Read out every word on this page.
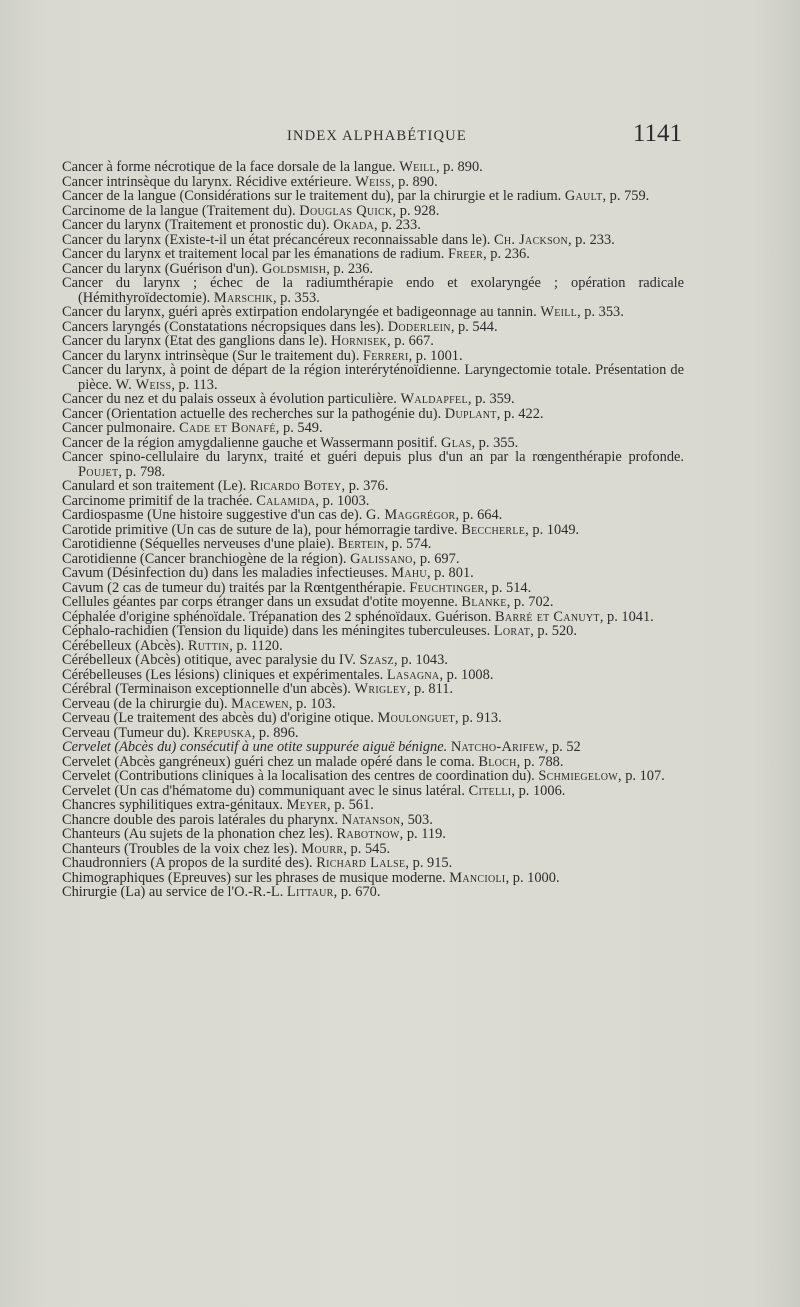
INDEX ALPHABÉTIQUE	1141

Cancer à forme nécrotique de la face dorsale de la langue. Weill, p. 890.

Cancer intrinsèque du larynx. Récidive extérieure. Weiss, p. 890.

Cancer de la langue (Considérations sur le traitement du), par la chirurgie et le radium. Gault, p. 759.

Carcinome de la langue (Traitement du). Douglas Quick, p. 928.

Cancer du larynx (Traitement et pronostic du). Okada, p. 233.

Cancer du larynx (Existe-t-il un état précancéreux reconnaissable dans le). Ch. Jackson, p. 233.

Cancer du larynx et traitement local par les émanations de radium. Freer, p. 236.

Cancer du larynx (Guérison d'un). Goldsmish, p. 236.

Cancer du larynx ; échec de la radiumthérapie endo et exolaryngée ; opération radicale (Hémithyroïdectomie). Marschik, p. 353.

Cancer du larynx, guéri après extirpation endolaryngée et badigeonnage au tannin. Weill, p. 353.

Cancers laryngés (Constatations nécropsiques dans les). Doderlein, p. 544.

Cancer du larynx (Etat des ganglions dans le). Hornisek, p. 667.

Cancer du larynx intrinsèque (Sur le traitement du). Ferreri, p. 1001.

Cancer du larynx, à point de départ de la région interéryténoïdienne. Laryngectomie totale. Présentation de pièce. W. Weiss, p. 113.

Cancer du nez et du palais osseux à évolution particulière. Waldapfel, p. 359.

Cancer (Orientation actuelle des recherches sur la pathogénie du). Duplant, p. 422.

Cancer pulmonaire. Cade et Bonafé, p. 549.

Cancer de la région amygdalienne gauche et Wassermann positif. Glas, p. 355.

Cancer spino-cellulaire du larynx, traité et guéri depuis plus d'un an par la rœngenthérapie profonde. Poujet, p. 798.

Canulard et son traitement (Le). Ricardo Botey, p. 376.

Carcinome primitif de la trachée. Calamida, p. 1003.

Cardiospasme (Une histoire suggestive d'un cas de). G. Maggrégor, p. 664.

Carotide primitive (Un cas de suture de la), pour hémorragie tardive. Beccherle, p. 1049.

Carotidienne (Séquelles nerveuses d'une plaie). Bertein, p. 574.

Carotidienne (Cancer branchiogène de la région). Galissano, p. 697.

Cavum (Désinfection du) dans les maladies infectieuses. Mahu, p. 801.

Cavum (2 cas de tumeur du) traités par la Rœntgenthérapie. Feuchtinger, p. 514.

Cellules géantes par corps étranger dans un exsudat d'otite moyenne. Blanke, p. 702.

Céphalée d'origine sphénoïdale. Trépanation des 2 sphénoïdaux. Guérison. Barré et Canuyt, p. 1041.

Céphalo-rachidien (Tension du liquide) dans les méningites tuberculeuses. Lorat, p. 520.

Cérébelleux (Abcès). Ruttin, p. 1120.

Cérébelleux (Abcès) otitique, avec paralysie du IV. Szasz, p. 1043.

Cérébelleuses (Les lésions) cliniques et expérimentales. Lasagna, p. 1008.

Cérébral (Terminaison exceptionnelle d'un abcès). Wrigley, p. 811.

Cerveau (de la chirurgie du). Macewen, p. 103.

Cerveau (Le traitement des abcès du) d'origine otique. Moulonguet, p. 913.

Cerveau (Tumeur du). Krepuska, p. 896.

Cervelet (Abcès du) consécutif à une otite suppurée aiguë bénigne. Natcho-Arifew, p. 52

Cervelet (Abcès gangréneux) guéri chez un malade opéré dans le coma. Bloch, p. 788.

Cervelet (Contributions cliniques à la localisation des centres de coordination du). Schmiegelow, p. 107.

Cervelet (Un cas d'hématome du) communiquant avec le sinus latéral. Citelli, p. 1006.

Chancres syphilitiques extra-génitaux. Meyer, p. 561.

Chancre double des parois latérales du pharynx. Natanson, 503.

Chanteurs (Au sujets de la phonation chez les). Rabotnow, p. 119.

Chanteurs (Troubles de la voix chez les). Mourr, p. 545.

Chaudronniers (A propos de la surdité des). Richard Lalse, p. 915.

Chimographiques (Epreuves) sur les phrases de musique moderne. Mancioli, p. 1000.

Chirurgie (La) au service de l'O.-R.-L. Littaur, p. 670.
